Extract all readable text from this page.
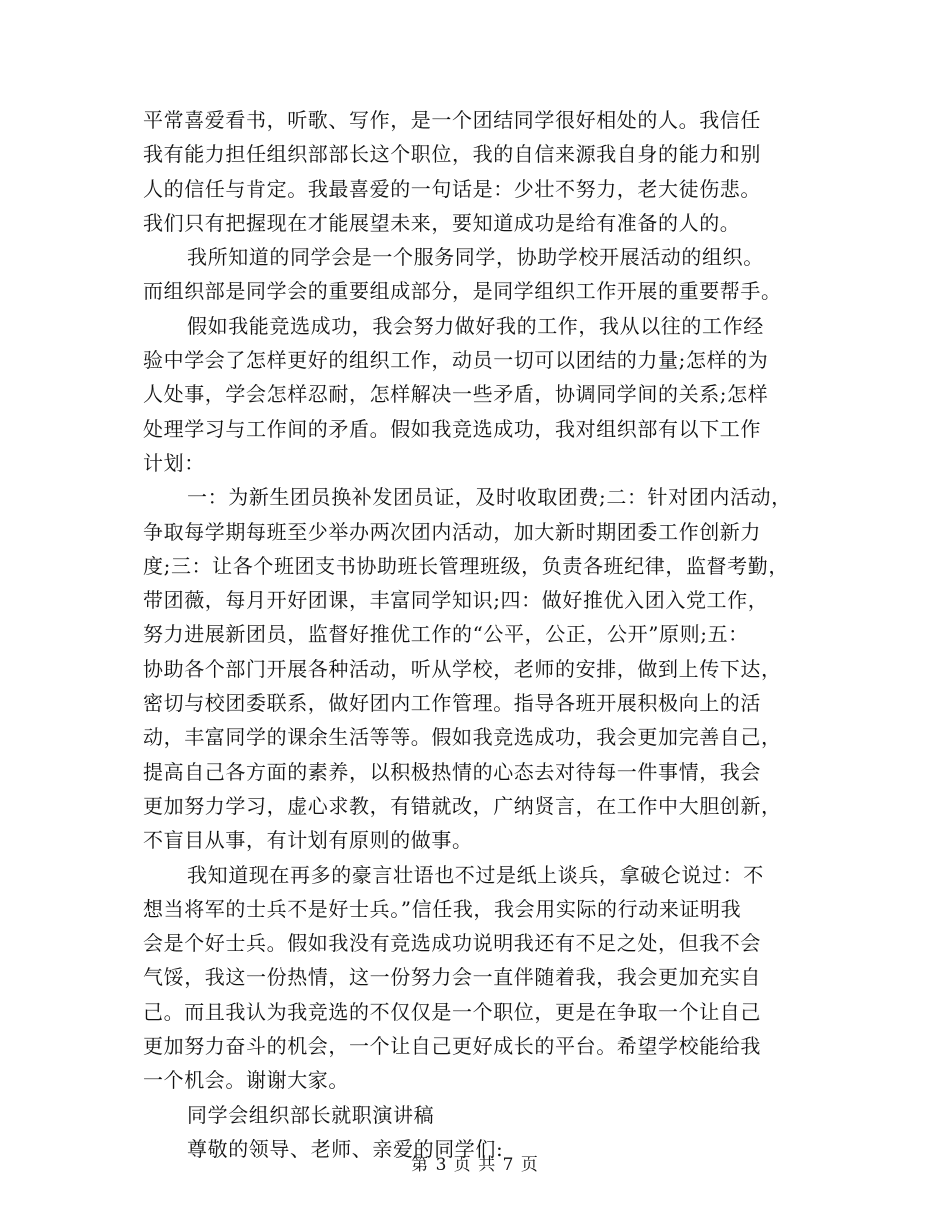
平常喜爱看书，听歌、写作，是一个团结同学很好相处的人。我信任
我有能力担任组织部部长这个职位，我的自信来源我自身的能力和别
人的信任与肯定。我最喜爱的一句话是：少壮不努力，老大徒伤悲。
我们只有把握现在才能展望未来，要知道成功是给有准备的人的。
我所知道的同学会是一个服务同学，协助学校开展活动的组织。
而组织部是同学会的重要组成部分，是同学组织工作开展的重要帮手。
假如我能竞选成功，我会努力做好我的工作，我从以往的工作经
验中学会了怎样更好的组织工作，动员一切可以团结的力量;怎样的为
人处事，学会怎样忍耐，怎样解决一些矛盾，协调同学间的关系;怎样
处理学习与工作间的矛盾。假如我竞选成功，我对组织部有以下工作
计划：
一：为新生团员换补发团员证，及时收取团费;二：针对团内活动，
争取每学期每班至少举办两次团内活动，加大新时期团委工作创新力
度;三：让各个班团支书协助班长管理班级，负责各班纪律，监督考勤，
带团薇，每月开好团课，丰富同学知识;四：做好推优入团入党工作，
努力进展新团员，监督好推优工作的“公平，公正，公开”原则;五：
协助各个部门开展各种活动，听从学校，老师的安排，做到上传下达，
密切与校团委联系，做好团内工作管理。指导各班开展积极向上的活
动，丰富同学的课余生活等等。假如我竞选成功，我会更加完善自己，
提高自己各方面的素养，以积极热情的心态去对待每一件事情，我会
更加努力学习，虚心求教，有错就改，广纳贤言，在工作中大胆创新，
不盲目从事，有计划有原则的做事。
我知道现在再多的豪言壮语也不过是纸上谈兵，拿破仑说过：不
想当将军的士兵不是好士兵。”信任我，我会用实际的行动来证明我
会是个好士兵。假如我没有竞选成功说明我还有不足之处，但我不会
气馁，我这一份热情，这一份努力会一直伴随着我，我会更加充实自
己。而且我认为我竞选的不仅仅是一个职位，更是在争取一个让自己
更加努力奋斗的机会，一个让自己更好成长的平台。希望学校能给我
一个机会。谢谢大家。
同学会组织部长就职演讲稿
尊敬的领导、老师、亲爱的同学们:
第 3 页 共 7 页
